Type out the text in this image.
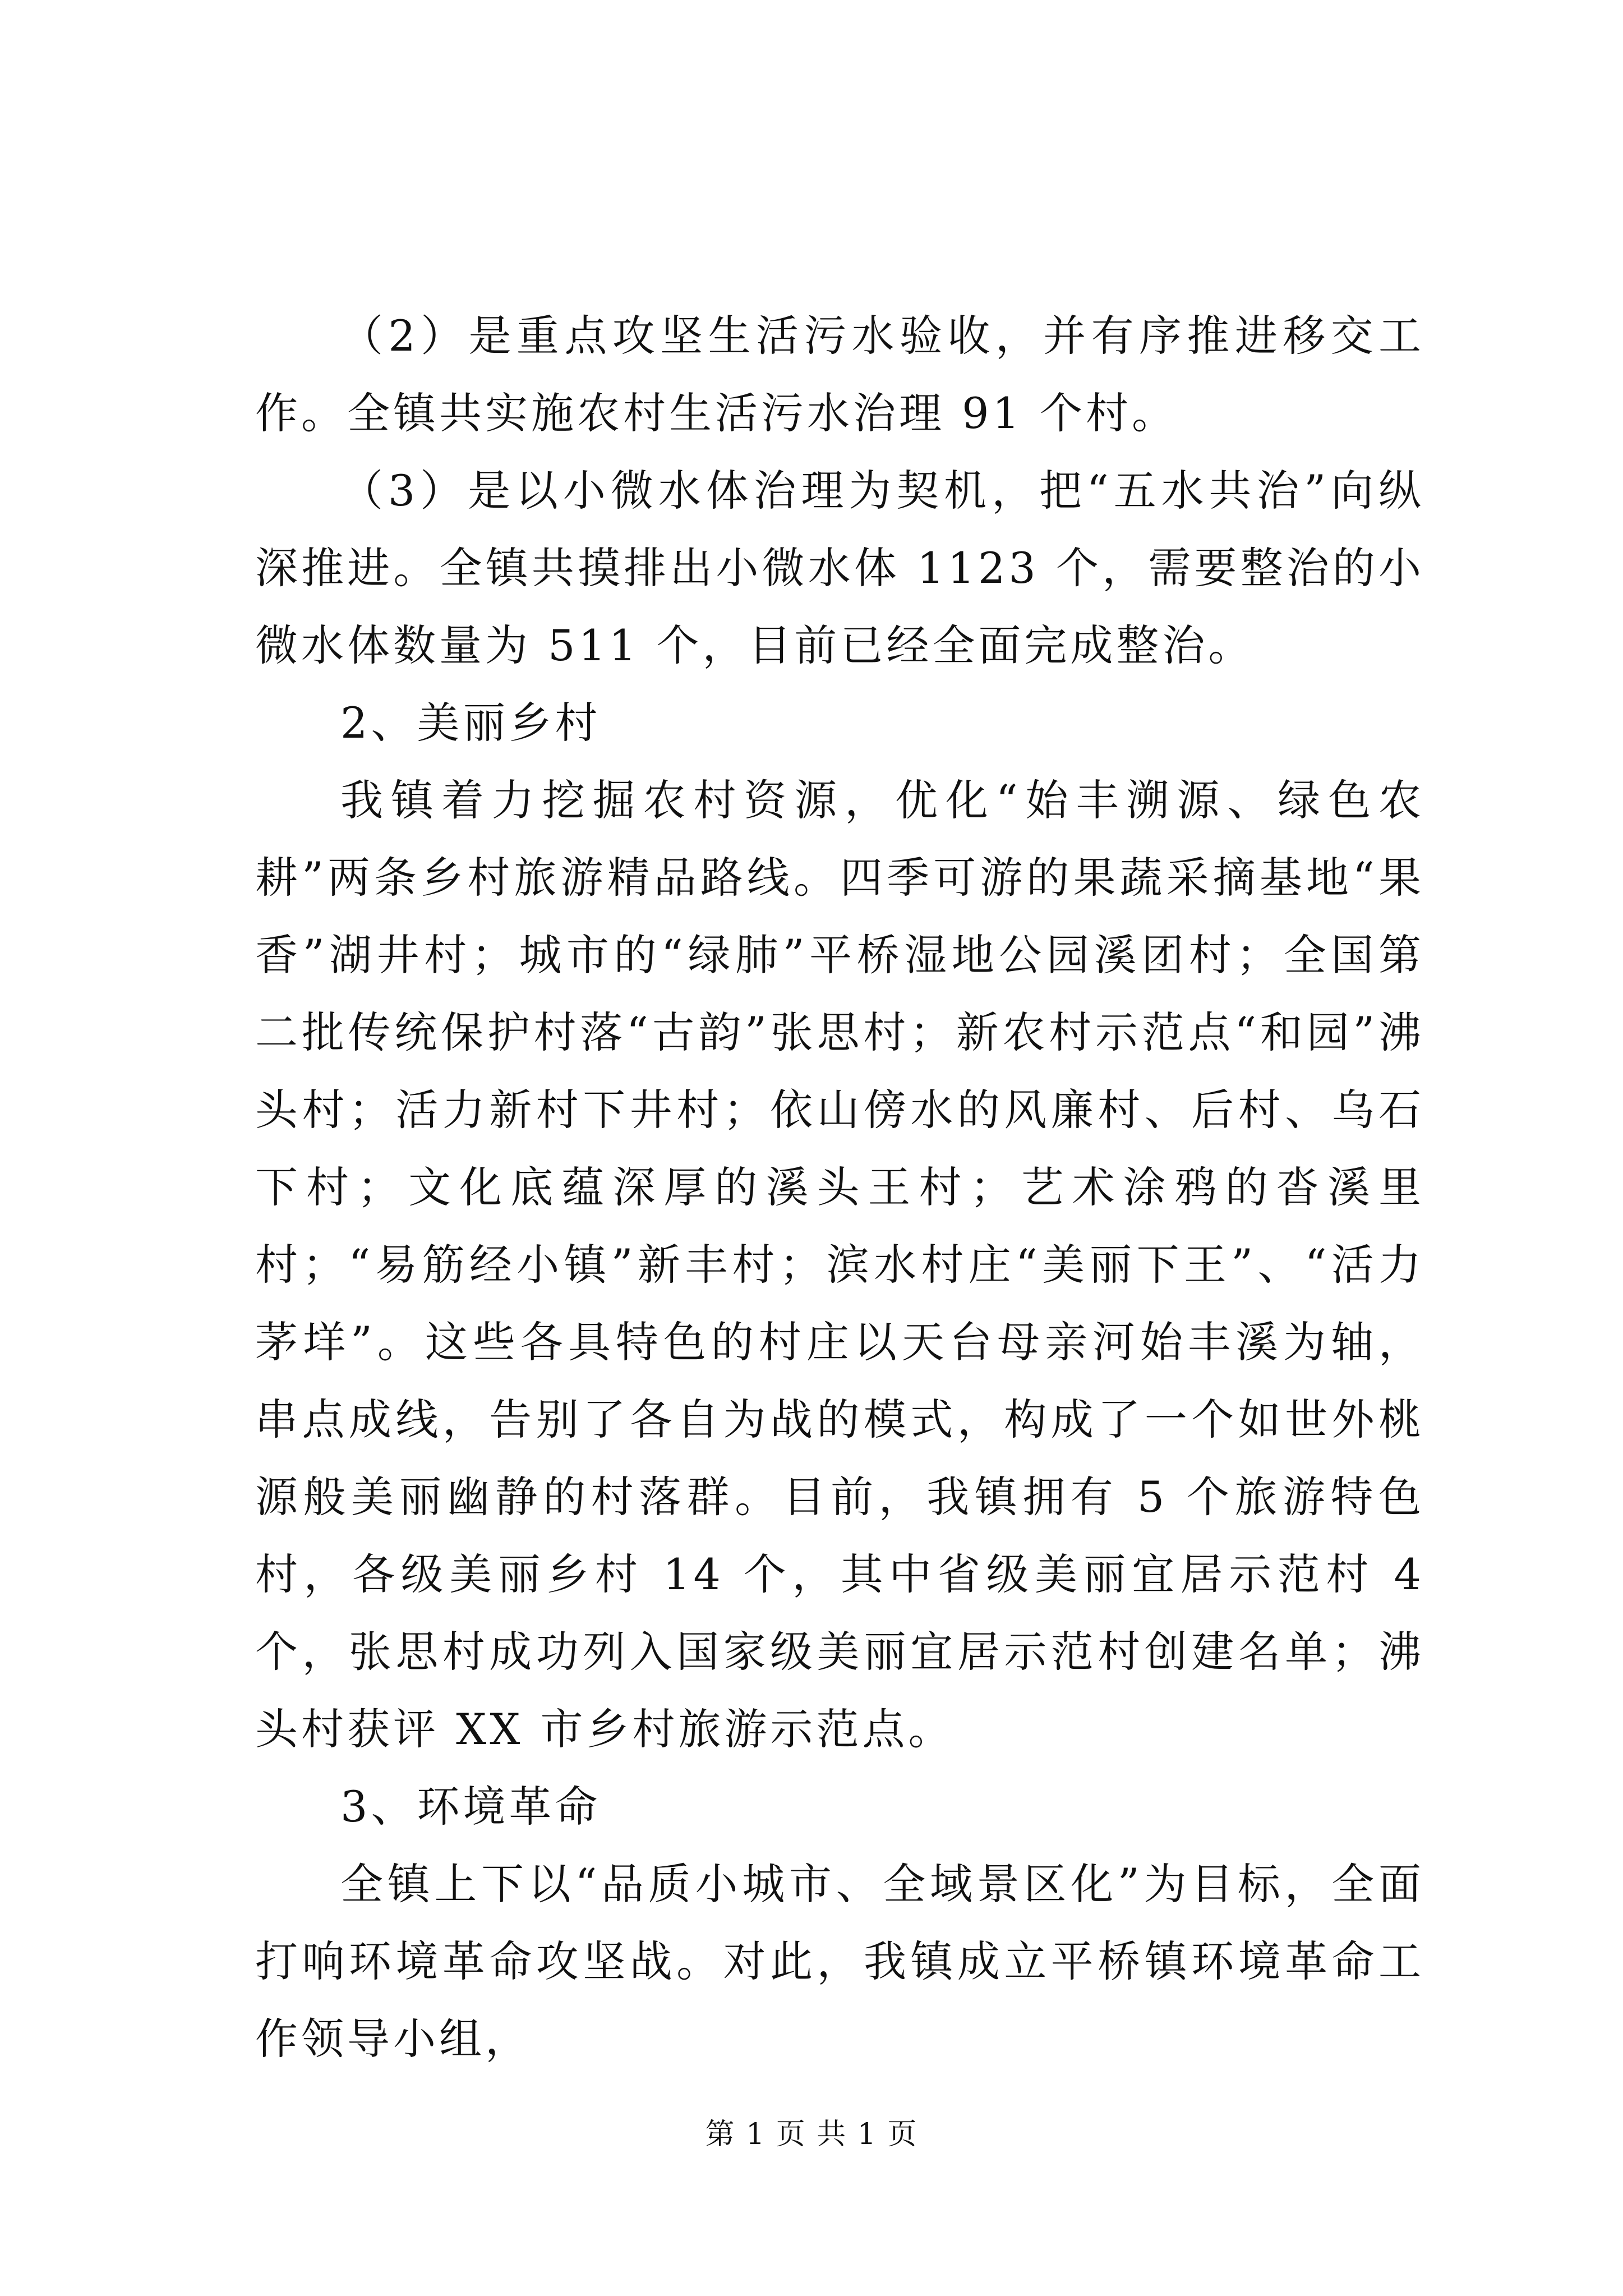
（2）是重点攻坚生活污水验收，并有序推进移交工作。全镇共实施农村生活污水治理 91 个村。

（3）是以小微水体治理为契机，把“五水共治”向纵深推进。全镇共摸排出小微水体 1123 个，需要整治的小微水体数量为 511 个，目前已经全面完成整治。

2、美丽乡村

我镇着力挖掘农村资源，优化“始丰溯源、绿色农耕”两条乡村旅游精品路线。四季可游的果蔬采摘基地“果香”湖井村；城市的“绿肺”平桥湿地公园溪团村；全国第二批传统保护村落“古韵”张思村；新农村示范点“和园”沸头村；活力新村下井村；依山傍水的风廉村、后村、乌石下村；文化底蕴深厚的溪头王村；艺术涂鸦的沓溪里村；“易筋经小镇”新丰村；滨水村庄“美丽下王”、“活力茅垟”。这些各具特色的村庄以天台母亲河始丰溪为轴，串点成线，告别了各自为战的模式，构成了一个如世外桃源般美丽幽静的村落群。目前，我镇拥有 5 个旅游特色村，各级美丽乡村 14 个，其中省级美丽宜居示范村 4 个，张思村成功列入国家级美丽宜居示范村创建名单；沸头村获评 XX 市乡村旅游示范点。

3、环境革命

全镇上下以“品质小城市、全域景区化”为目标，全面打响环境革命攻坚战。对此，我镇成立平桥镇环境革命工作领导小组，

第 1 页 共 1 页
